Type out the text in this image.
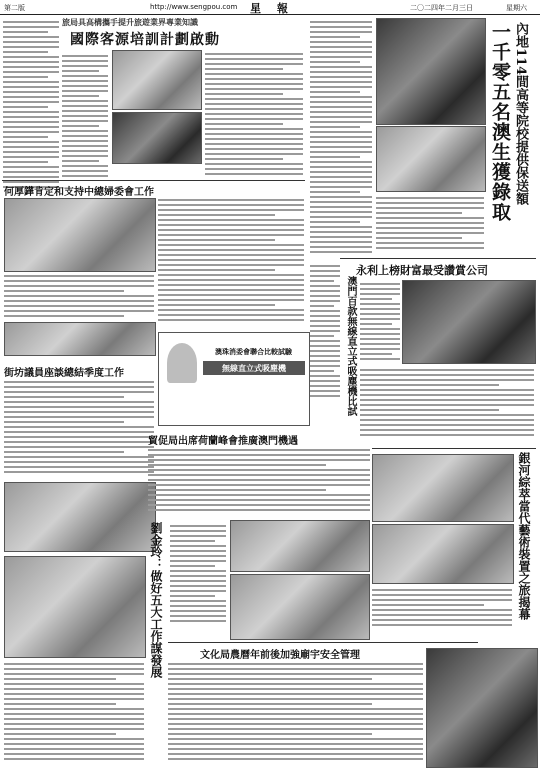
第二版	http://www.sengpou.com 星 報	二〇二四年二月三日	星期六
旅局具高構攜手提升旅遊業界專業知識
國際客源培訓計劃啟動
何厚鏵肯定和支持中總婦委會工作
街坊議員座談總結季度工作
澳珠消委會聯合比較試驗
無線直立式吸塵機
貿促局出席荷蘭峰會推廣澳門機遇
劉金玲：做好五大工作謀發展	文化局農曆年前後加強廟宇安全管理
內地114間高等院校提供保送額
一千零五名澳生獲錄取
永利上榜財富最受讚賞公司
澳門百款無線直立式吸塵機比試
銀河綜萃當代藝術裝置之旅揭幕
